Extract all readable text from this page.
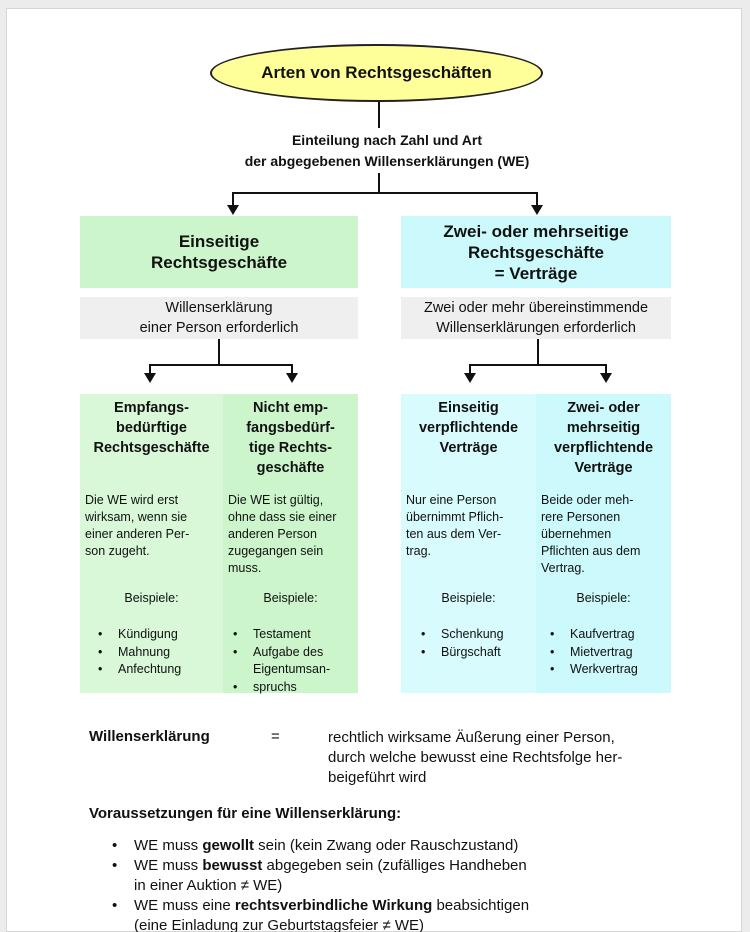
Arten von Rechtsgeschäften
Einteilung nach Zahl und Art
der abgegebenen Willenserklärungen (WE)
Einseitige
Rechtsgeschäfte
Zwei- oder mehrseitige
Rechtsgeschäfte
= Verträge
Willenserklärung
einer Person erforderlich
Zwei oder mehr übereinstimmende
Willenserklärungen erforderlich
Empfangs-
bedürftige
Rechtsgeschäfte
Die WE wird erst
wirksam, wenn sie
einer anderen Per-
son zugeht.
Beispiele:
• Kündigung
• Mahnung
• Anfechtung
Nicht emp-
fangsbedürf-
tige Rechts-
geschäfte
Die WE ist gültig,
ohne dass sie einer
anderen Person
zugegangen sein
muss.
Beispiele:
• Testament
• Aufgabe des Eigentumsan-
• spruchs
Einseitig
verpflichtende
Verträge
Nur eine Person
übernimmt Pflich-
ten aus dem Ver-
trag.
Beispiele:
• Schenkung
• Bürgschaft
Zwei- oder
mehrseitig
verpflichtende
Verträge
Beide oder meh-
rere Personen
übernehmen
Pflichten aus dem
Vertrag.
Beispiele:
• Kaufvertrag
• Mietvertrag
• Werkvertrag
Willenserklärung	=	rechtlich wirksame Äußerung einer Person,
durch welche bewusst eine Rechtsfolge her-
beigeführt wird
Voraussetzungen für eine Willenserklärung:
• WE muss gewollt sein (kein Zwang oder Rauschzustand)
• WE muss bewusst abgegeben sein (zufälliges Handheben
in einer Auktion ≠ WE)
• WE muss eine rechtsverbindliche Wirkung beabsichtigen
(eine Einladung zur Geburtstagsfeier ≠ WE)
